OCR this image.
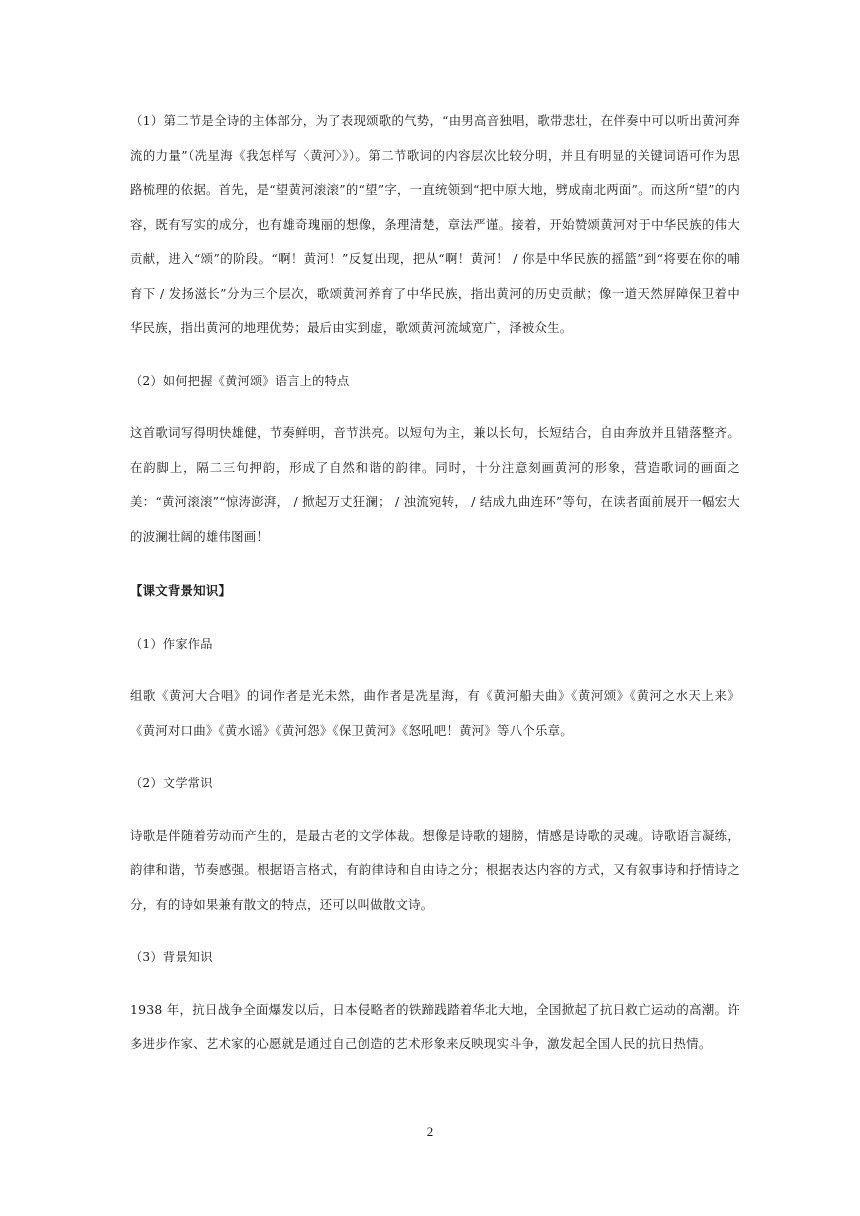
（1）第二节是全诗的主体部分，为了表现颂歌的气势，“由男高音独唱，歌带悲壮，在伴奏中可以听出黄河奔流的力量”（冼星海《我怎样写〈黄河〉》）。第二节歌词的内容层次比较分明，并且有明显的关键词语可作为思路梳理的依据。首先，是“望黄河滚滚”的“望”字，一直统领到“把中原大地，劈成南北两面”。而这所“望”的内容，既有写实的成分，也有雄奇瑰丽的想像，条理清楚，章法严谨。接着，开始赞颂黄河对于中华民族的伟大贡献，进入“颂”的阶段。“啊！黄河！”反复出现，把从“啊！黄河！ / 你是中华民族的摇篮”到“将要在你的哺育下 / 发扬滋长”分为三个层次，歌颂黄河养育了中华民族，指出黄河的历史贡献；像一道天然屏障保卫着中华民族，指出黄河的地理优势；最后由实到虚，歌颂黄河流域宽广，泽被众生。

（2）如何把握《黄河颂》语言上的特点

这首歌词写得明快雄健，节奏鲜明，音节洪亮。以短句为主，兼以长句，长短结合，自由奔放并且错落整齐。在韵脚上，隔二三句押韵，形成了自然和谐的韵律。同时，十分注意刻画黄河的形象，营造歌词的画面之美：“黄河滚滚”“惊涛澎湃， / 掀起万丈狂澜； / 浊流宛转， / 结成九曲连环”等句，在读者面前展开一幅宏大的波澜壮阔的雄伟图画！

【课文背景知识】

（1）作家作品

组歌《黄河大合唱》的词作者是光未然，曲作者是冼星海，有《黄河船夫曲》《黄河颂》《黄河之水天上来》《黄河对口曲》《黄水谣》《黄河怨》《保卫黄河》《怒吼吧！黄河》等八个乐章。

（2）文学常识

诗歌是伴随着劳动而产生的，是最古老的文学体裁。想像是诗歌的翅膀，情感是诗歌的灵魂。诗歌语言凝练，韵律和谐，节奏感强。根据语言格式，有韵律诗和自由诗之分；根据表达内容的方式，又有叙事诗和抒情诗之分，有的诗如果兼有散文的特点，还可以叫做散文诗。

（3）背景知识

1938 年，抗日战争全面爆发以后，日本侵略者的铁蹄践踏着华北大地，全国掀起了抗日救亡运动的高潮。许多进步作家、艺术家的心愿就是通过自己创造的艺术形象来反映现实斗争，激发起全国人民的抗日热情。

2
